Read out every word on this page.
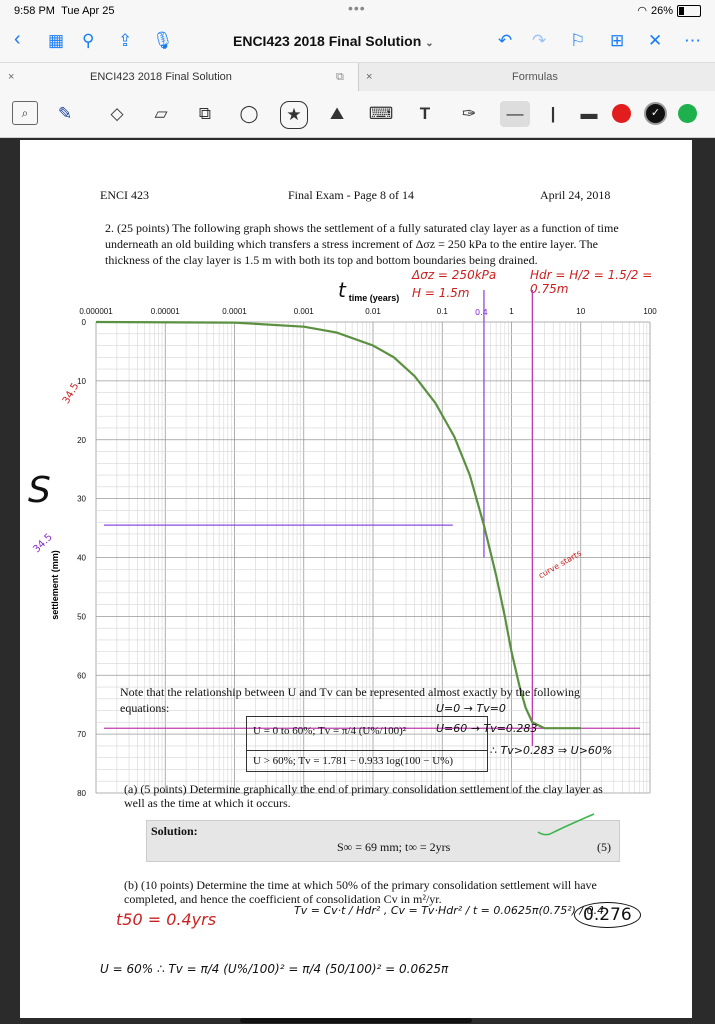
9:58 PM Tue Apr 25	•••	◠ 26%
‹ ▦ ⚲ ⇪ 🎙︎	ENCI423 2018 Final Solution ⌄	↶ ↷ ⚐ ⊞ ✕ ⋯
×	ENCI423 2018 Final Solution	⧉ ×	Formulas
⌕	✎	◇	▱	⧉	◯	★	⛰	⌨	T	✑	—	|	▬	✓
ENCI 423	Final Exam - Page 8 of 14	April 24, 2018
2. (25 points) The following graph shows the settlement of a fully saturated clay layer as a function of time underneath an old building which transfers a stress increment of Δσz = 250 kPa to the entire layer. The thickness of the clay layer is 1.5 m with both its top and bottom boundaries being drained.
Δσz = 250kPa	Hdr = H/2 = 1.5/2 = 0.75m
H = 1.5m
t
0.4
time (years)
0.000001	0.00001	0.0001	0.001	0.01	0.1	1	10	100
0
10
20
30
40
50
60
70
80
settlement (mm)
S
34.5
34.5
curve starts
Note that the relationship between U and Tv can be represented almost exactly by the following equations:
U = 0 to 60%; Tv = π/4 (U%/100)²
U > 60%; Tv = 1.781 − 0.933 log(100 − U%)
U=0 → Tv=0
U=60 → Tv=0.283
∴ Tv>0.283 ⇒ U>60%
(a) (5 points) Determine graphically the end of primary consolidation settlement of the clay layer as well as the time at which it occurs.
Solution:
S∞ = 69 mm; t∞ = 2yrs	(5)
(b) (10 points) Determine the time at which 50% of the primary consolidation settlement will have completed, and hence the coefficient of consolidation Cv in m²/yr.
t50 = 0.4yrs	Tv = Cv·t / Hdr² , Cv = Tv·Hdr² / t = 0.0625π(0.75²) / 0.4
0.276
U = 60% ∴ Tv = π/4 (U%/100)² = π/4 (50/100)² = 0.0625π
